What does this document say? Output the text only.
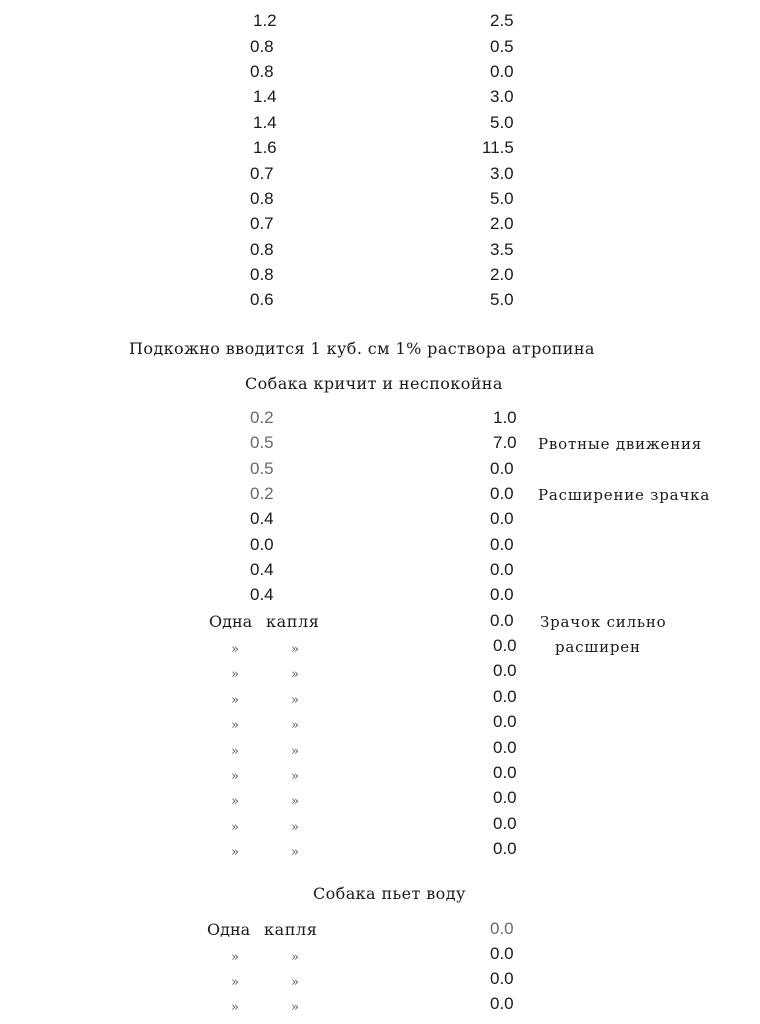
1.2	2.5
0.8	0.5
0.8	0.0
1.4	3.0
1.4	5.0
1.6	11.5
0.7	3.0
0.8	5.0
0.7	2.0
0.8	3.5
0.8	2.0
0.6	5.0
Подкожно вводится 1 куб. см 1% раствора атропина
Собака кричит и неспокойна
0.2	1.0
0.5	7.0 Рвотные движения
0.5	0.0
0.2	0.0 Расширение зрачка
0.4	0.0
0.0	0.0
0.4	0.0
0.4	0.0
Одна капля	0.0 Зрачок сильно
»	»	0.0	расширен
»	»	0.0
»	»	0.0
»	»	0.0
»	»	0.0
»	»	0.0
»	»	0.0
»	»	0.0
»	»	0.0
Собака пьет воду
Одна капля	0.0
»	»	0.0
»	»	0.0
»	»	0.0
